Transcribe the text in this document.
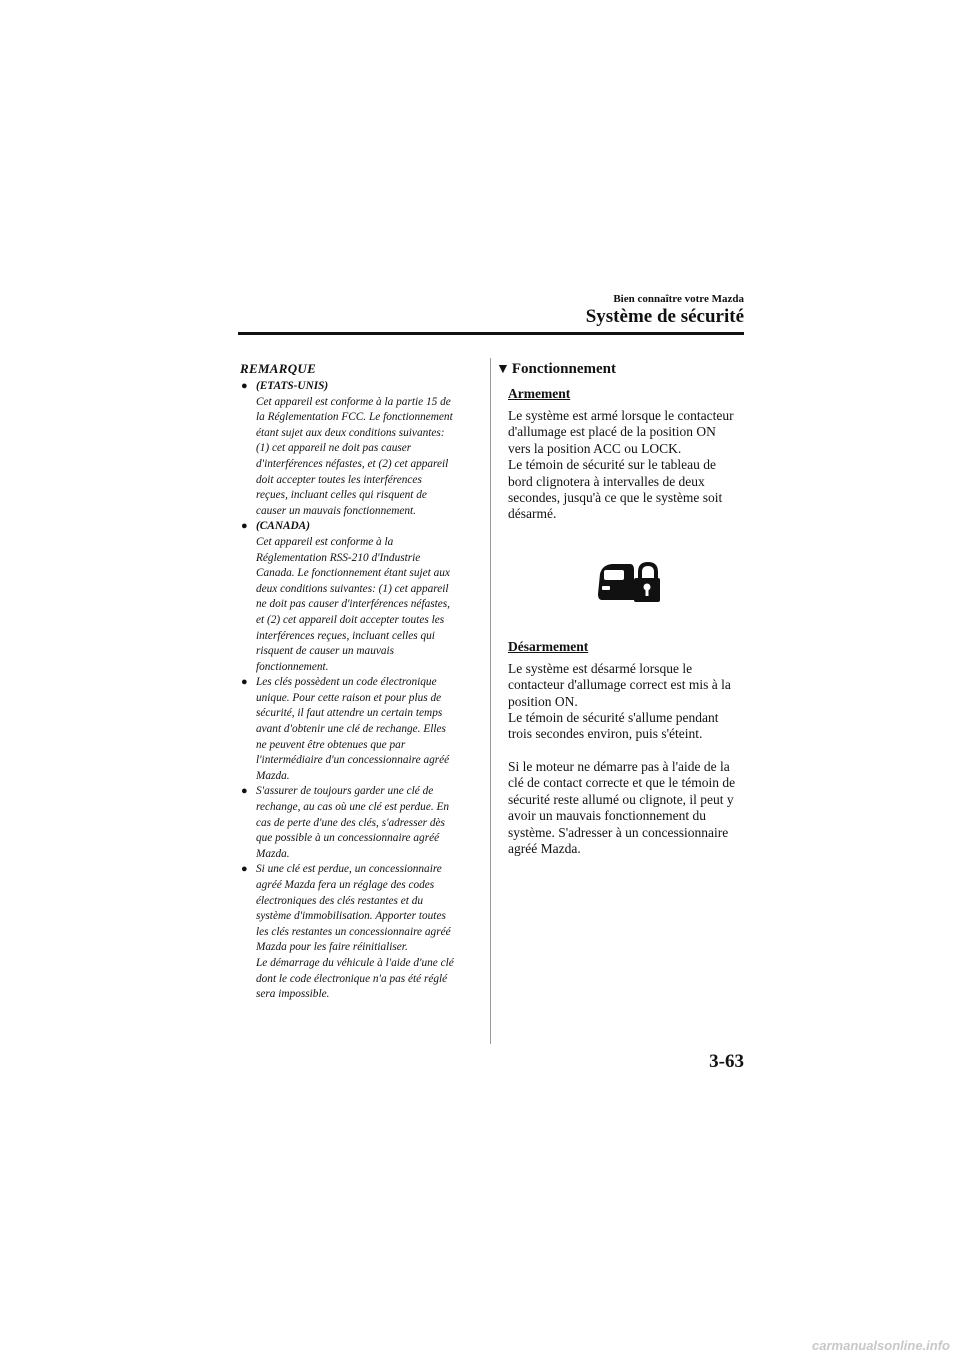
Bien connaître votre Mazda
Système de sécurité
REMARQUE
● (ETATS-UNIS)

Cet appareil est conforme à la partie 15 de

la Réglementation FCC. Le fonctionnement

étant sujet aux deux conditions suivantes:

(1) cet appareil ne doit pas causer

d'interférences néfastes, et (2) cet appareil

doit accepter toutes les interférences

reçues, incluant celles qui risquent de

causer un mauvais fonctionnement.

● (CANADA)

Cet appareil est conforme à la

Réglementation RSS-210 d'Industrie

Canada. Le fonctionnement étant sujet aux

deux conditions suivantes: (1) cet appareil

ne doit pas causer d'interférences néfastes,

et (2) cet appareil doit accepter toutes les

interférences reçues, incluant celles qui

risquent de causer un mauvais

fonctionnement.

● Les clés possèdent un code électronique

unique. Pour cette raison et pour plus de

sécurité, il faut attendre un certain temps

avant d'obtenir une clé de rechange. Elles

ne peuvent être obtenues que par

l'intermédiaire d'un concessionnaire agréé

Mazda.

● S'assurer de toujours garder une clé de

rechange, au cas où une clé est perdue. En

cas de perte d'une des clés, s'adresser dès

que possible à un concessionnaire agréé

Mazda.

● Si une clé est perdue, un concessionnaire

agréé Mazda fera un réglage des codes

électroniques des clés restantes et du

système d'immobilisation. Apporter toutes

les clés restantes un concessionnaire agréé

Mazda pour les faire réinitialiser.

Le démarrage du véhicule à l'aide d'une clé

dont le code électronique n'a pas été réglé

sera impossible.

▼ Fonctionnement
Armement

Le système est armé lorsque le contacteur

d'allumage est placé de la position ON

vers la position ACC ou LOCK.

Le témoin de sécurité sur le tableau de

bord clignotera à intervalles de deux

secondes, jusqu'à ce que le système soit

désarmé.

Désarmement

Le système est désarmé lorsque le

contacteur d'allumage correct est mis à la

position ON.

Le témoin de sécurité s'allume pendant

trois secondes environ, puis s'éteint.

Si le moteur ne démarre pas à l'aide de la

clé de contact correcte et que le témoin de

sécurité reste allumé ou clignote, il peut y

avoir un mauvais fonctionnement du

système. S'adresser à un concessionnaire

agréé Mazda.

3-63
carmanualsonline.info
